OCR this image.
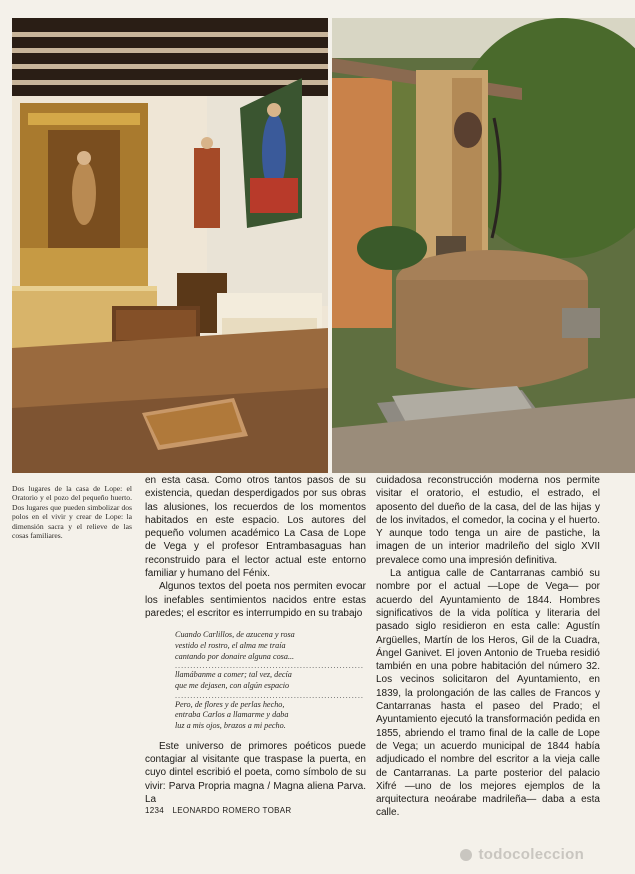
Dos lugares de la casa de Lope: el Oratorio y el pozo del pequeño huerto. Dos lugares que pueden simbolizar dos polos en el vivir y crear de Lope: la dimensión sacra y el relieve de las cosas familiares.

en esta casa. Como otros tantos pasos de su existencia, quedan desperdigados por sus obras las alusiones, los recuerdos de los momentos habitados en este espacio. Los autores del pequeño volumen académico La Casa de Lope de Vega y el profesor Entrambasaguas han reconstruido para el lector actual este entorno familiar y humano del Fénix.

Algunos textos del poeta nos permiten evocar los inefables sentimientos nacidos entre estas paredes; el escritor es interrumpido en su trabajo

Cuando Carlillos, de azucena y rosa
vestido el rostro, el alma me traía
cantando por donaire alguna cosa...
..............................................................
llamábanme a comer; tal vez, decía
que me dejasen, con algún espacio
..............................................................
Pero, de flores y de perlas hecho,
entraba Carlos a llamarme y daba
luz a mis ojos, brazos a mi pecho.

Este universo de primores poéticos puede contagiar al visitante que traspase la puerta, en cuyo dintel escribió el poeta, como símbolo de su vivir: Parva Propria magna / Magna aliena Parva. La

cuidadosa reconstrucción moderna nos permite visitar el oratorio, el estudio, el estrado, el aposento del dueño de la casa, del de las hijas y de los invitados, el comedor, la cocina y el huerto. Y aunque todo tenga un aire de pastiche, la imagen de un interior madrileño del siglo XVII prevalece como una impresión definitiva.

La antigua calle de Cantarranas cambió su nombre por el actual —Lope de Vega— por acuerdo del Ayuntamiento de 1844. Hombres significativos de la vida política y literaria del pasado siglo residieron en esta calle: Agustín Argüelles, Martín de los Heros, Gil de la Cuadra, Ángel Ganivet. El joven Antonio de Trueba residió también en una pobre habitación del número 32. Los vecinos solicitaron del Ayuntamiento, en 1839, la prolongación de las calles de Francos y Cantarranas hasta el paseo del Prado; el Ayuntamiento ejecutó la transformación pedida en 1855, abriendo el tramo final de la calle de Lope de Vega; un acuerdo municipal de 1844 había adjudicado el nombre del escritor a la vieja calle de Cantarranas. La parte posterior del palacio Xifré —uno de los mejores ejemplos de la arquitectura neoárabe madrileña— daba a esta calle.

1234 LEONARDO ROMERO TOBAR
todocoleccion
